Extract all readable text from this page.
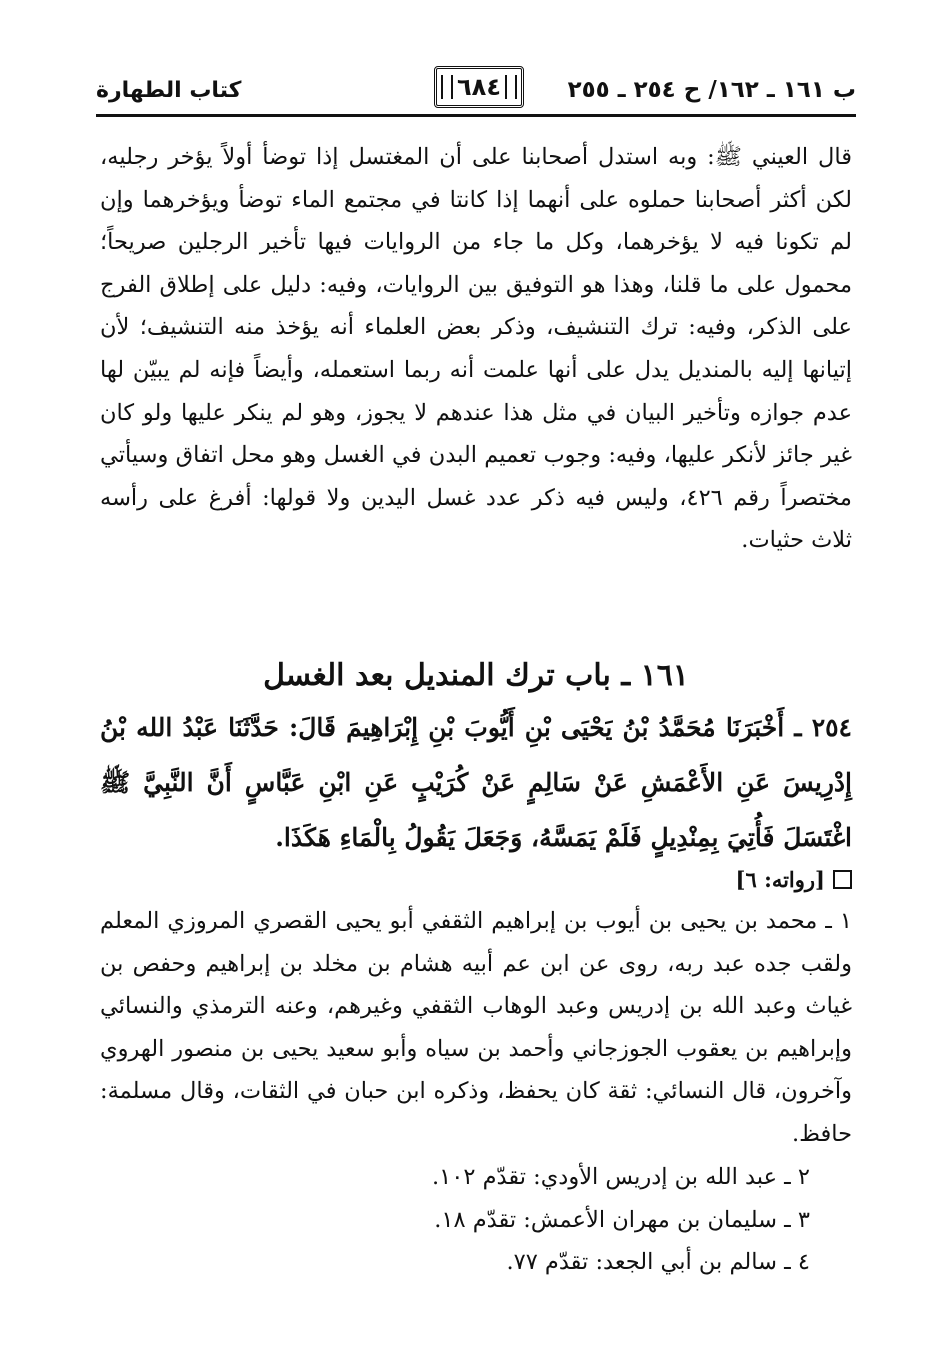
ب ١٦١ ـ ١٦٢/ ح ٢٥٤ ـ ٢٥٥
كتاب الطهارة	٦٨٤
قال العيني ﷺ: وبه استدل أصحابنا على أن المغتسل إذا توضأ أولاً يؤخر رجليه، لكن أكثر أصحابنا حملوه على أنهما إذا كانتا في مجتمع الماء توضأ ويؤخرهما وإن لم تكونا فيه لا يؤخرهما، وكل ما جاء من الروايات فيها تأخير الرجلين صريحاً؛ محمول على ما قلنا، وهذا هو التوفيق بين الروايات، وفيه: دليل على إطلاق الفرج على الذكر، وفيه: ترك التنشيف، وذكر بعض العلماء أنه يؤخذ منه التنشيف؛ لأن إتيانها إليه بالمنديل يدل على أنها علمت أنه ربما استعمله، وأيضاً فإنه لم يبيّن لها عدم جوازه وتأخير البيان في مثل هذا عندهم لا يجوز، وهو لم ينكر عليها ولو كان غير جائز لأنكر عليها، وفيه: وجوب تعميم البدن في الغسل وهو محل اتفاق وسيأتي مختصراً رقم ٤٢٦، وليس فيه ذكر عدد غسل اليدين ولا قولها: أفرغ على رأسه ثلاث حثيات.
١٦١ ـ باب ترك المنديل بعد الغسل
٢٥٤ ـ أَخْبَرَنَا مُحَمَّدُ بْنُ يَحْيَى بْنِ أَيُّوبَ بْنِ إِبْرَاهِيمَ قَالَ: حَدَّثَنَا عَبْدُ الله بْنُ إِدْرِيسَ عَنِ الأَعْمَشِ عَنْ سَالِمٍ عَنْ كُرَيْبٍ عَنِ ابْنِ عَبَّاسٍ أَنَّ النَّبِيَّ ﷺ اغْتَسَلَ فَأُتِيَ بِمِنْدِيلٍ فَلَمْ يَمَسَّهُ، وَجَعَلَ يَقُولُ بِالْمَاءِ هَكَذَا.
[رواته: ٦]
١ ـ محمد بن يحيى بن أيوب بن إبراهيم الثقفي أبو يحيى القصري المروزي المعلم ولقب جده عبد ربه، روى عن ابن عم أبيه هشام بن مخلد بن إبراهيم وحفص بن غياث وعبد الله بن إدريس وعبد الوهاب الثقفي وغيرهم، وعنه الترمذي والنسائي وإبراهيم بن يعقوب الجوزجاني وأحمد بن سياه وأبو سعيد يحيى بن منصور الهروي وآخرون، قال النسائي: ثقة كان يحفظ، وذكره ابن حبان في الثقات، وقال مسلمة: حافظ.
٢ ـ عبد الله بن إدريس الأودي: تقدّم ١٠٢.
٣ ـ سليمان بن مهران الأعمش: تقدّم ١٨.
٤ ـ سالم بن أبي الجعد: تقدّم ٧٧.
